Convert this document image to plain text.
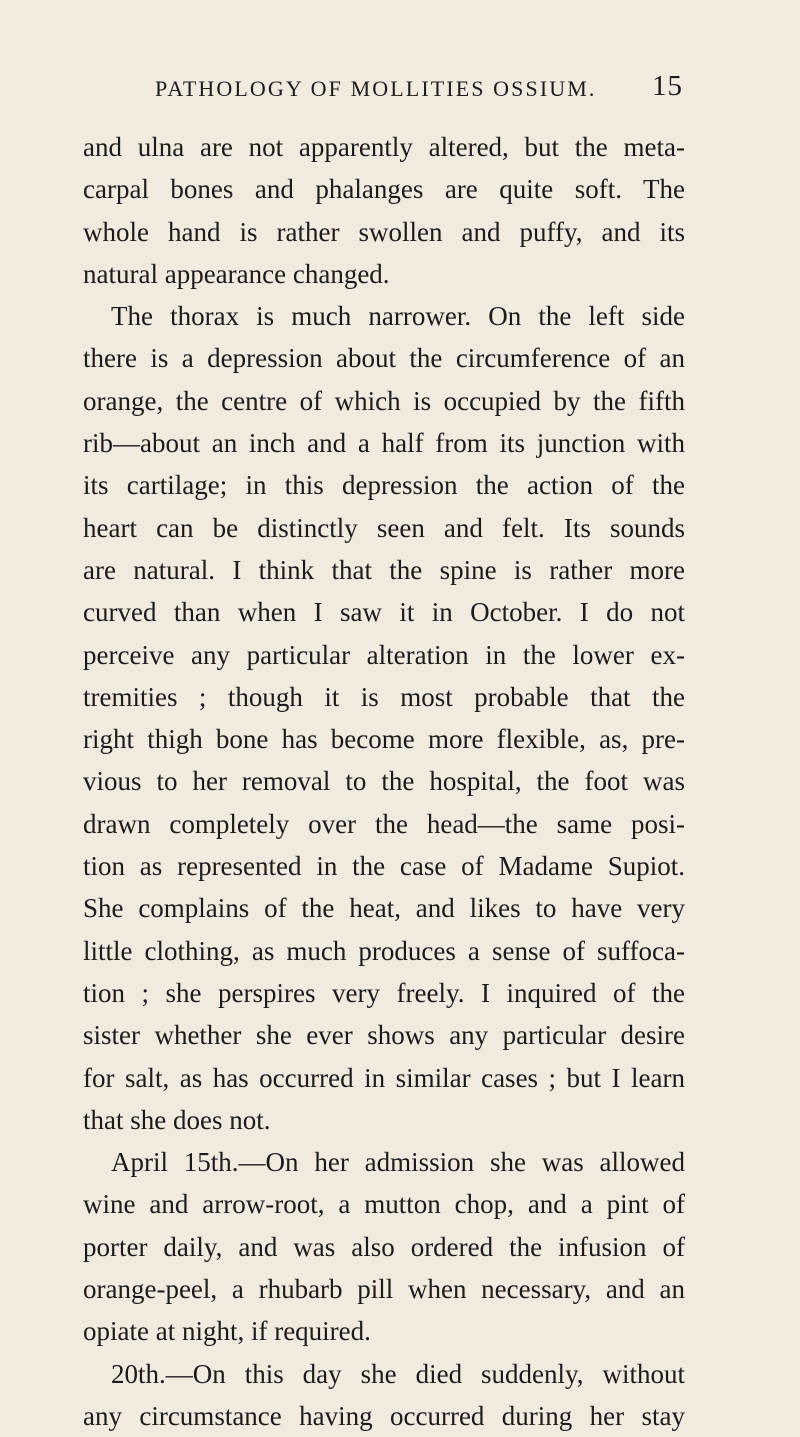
PATHOLOGY OF MOLLITIES OSSIUM. 15
and ulna are not apparently altered, but the meta-
carpal bones and phalanges are quite soft. The
whole hand is rather swollen and puffy, and its
natural appearance changed.
The thorax is much narrower. On the left side
there is a depression about the circumference of an
orange, the centre of which is occupied by the fifth
rib—about an inch and a half from its junction with
its cartilage; in this depression the action of the
heart can be distinctly seen and felt. Its sounds
are natural. I think that the spine is rather more
curved than when I saw it in October. I do not
perceive any particular alteration in the lower ex-
tremities ; though it is most probable that the
right thigh bone has become more flexible, as, pre-
vious to her removal to the hospital, the foot was
drawn completely over the head—the same posi-
tion as represented in the case of Madame Supiot.
She complains of the heat, and likes to have very
little clothing, as much produces a sense of suffoca-
tion ; she perspires very freely. I inquired of the
sister whether she ever shows any particular desire
for salt, as has occurred in similar cases ; but I learn
that she does not.
April 15th.—On her admission she was allowed
wine and arrow-root, a mutton chop, and a pint of
porter daily, and was also ordered the infusion of
orange-peel, a rhubarb pill when necessary, and an
opiate at night, if required.
20th.—On this day she died suddenly, without
any circumstance having occurred during her stay
